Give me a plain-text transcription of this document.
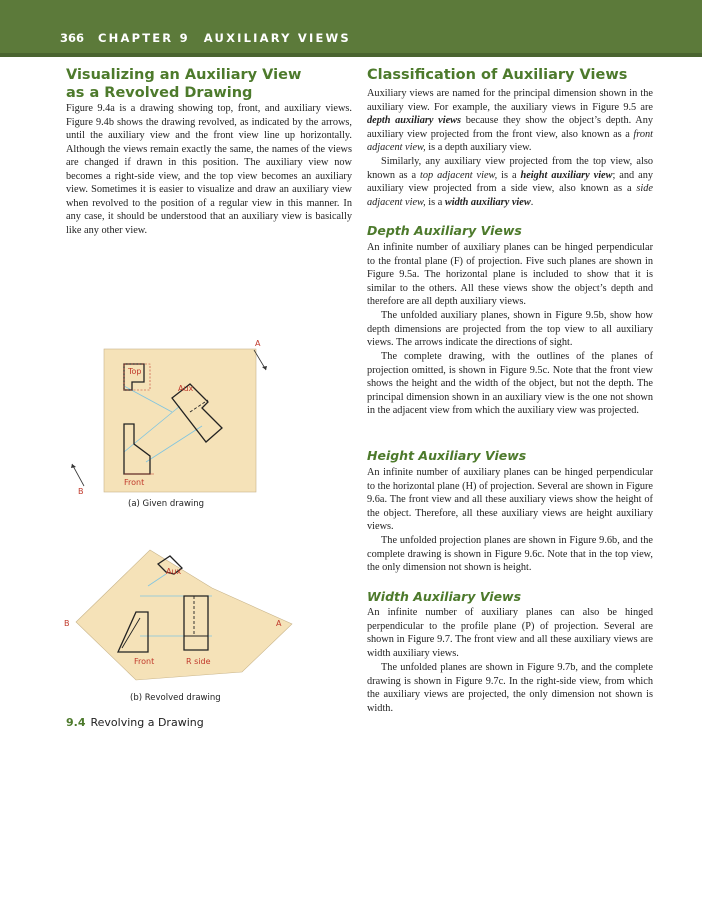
366 CHAPTER 9 AUXILIARY VIEWS
Visualizing an Auxiliary View
as a Revolved Drawing

Figure 9.4a is a drawing showing top, front, and auxiliary views. Figure 9.4b shows the drawing revolved, as indicated by the arrows, until the auxiliary view and the front view line up horizontally. Although the views remain exactly the same, the names of the views are changed if drawn in this position. The auxiliary view now becomes a right-side view, and the top view becomes an auxiliary view. Sometimes it is easier to visualize and draw an auxiliary view when revolved to the position of a regular view in this manner. In any case, it should be understood that an auxiliary view is basically like any other view.

Top
Aux
Front
A
B
(a) Given drawing
Aux
Front	R side
B	A
(b) Revolved drawing
9.4 Revolving a Drawing
Classification of Auxiliary Views

Auxiliary views are named for the principal dimension shown in the auxiliary view. For example, the auxiliary views in Figure 9.5 are depth auxiliary views because they show the object’s depth. Any auxiliary view projected from the front view, also known as a front adjacent view, is a depth auxiliary view.

Similarly, any auxiliary view projected from the top view, also known as a top adjacent view, is a height auxiliary view; and any auxiliary view projected from a side view, also known as a side adjacent view, is a width auxiliary view.

Depth Auxiliary Views

An infinite number of auxiliary planes can be hinged perpendicular to the frontal plane (F) of projection. Five such planes are shown in Figure 9.5a. The horizontal plane is included to show that it is similar to the others. All these views show the object’s depth and therefore are all depth auxiliary views.

The unfolded auxiliary planes, shown in Figure 9.5b, show how depth dimensions are projected from the top view to all auxiliary views. The arrows indicate the directions of sight.

The complete drawing, with the outlines of the planes of projection omitted, is shown in Figure 9.5c. Note that the front view shows the height and the width of the object, but not the depth. The principal dimension shown in an auxiliary view is the one not shown in the adjacent view from which the auxiliary view was projected.

Height Auxiliary Views

An infinite number of auxiliary planes can be hinged perpendicular to the horizontal plane (H) of projection. Several are shown in Figure 9.6a. The front view and all these auxiliary views show the height of the object. Therefore, all these auxiliary views are height auxiliary views.

The unfolded projection planes are shown in Figure 9.6b, and the complete drawing is shown in Figure 9.6c. Note that in the top view, the only dimension not shown is height.

Width Auxiliary Views

An infinite number of auxiliary planes can also be hinged perpendicular to the profile plane (P) of projection. Several are shown in Figure 9.7. The front view and all these auxiliary views are width auxiliary views.

The unfolded planes are shown in Figure 9.7b, and the complete drawing is shown in Figure 9.7c. In the right-side view, from which the auxiliary views are projected, the only dimension not shown is width.
